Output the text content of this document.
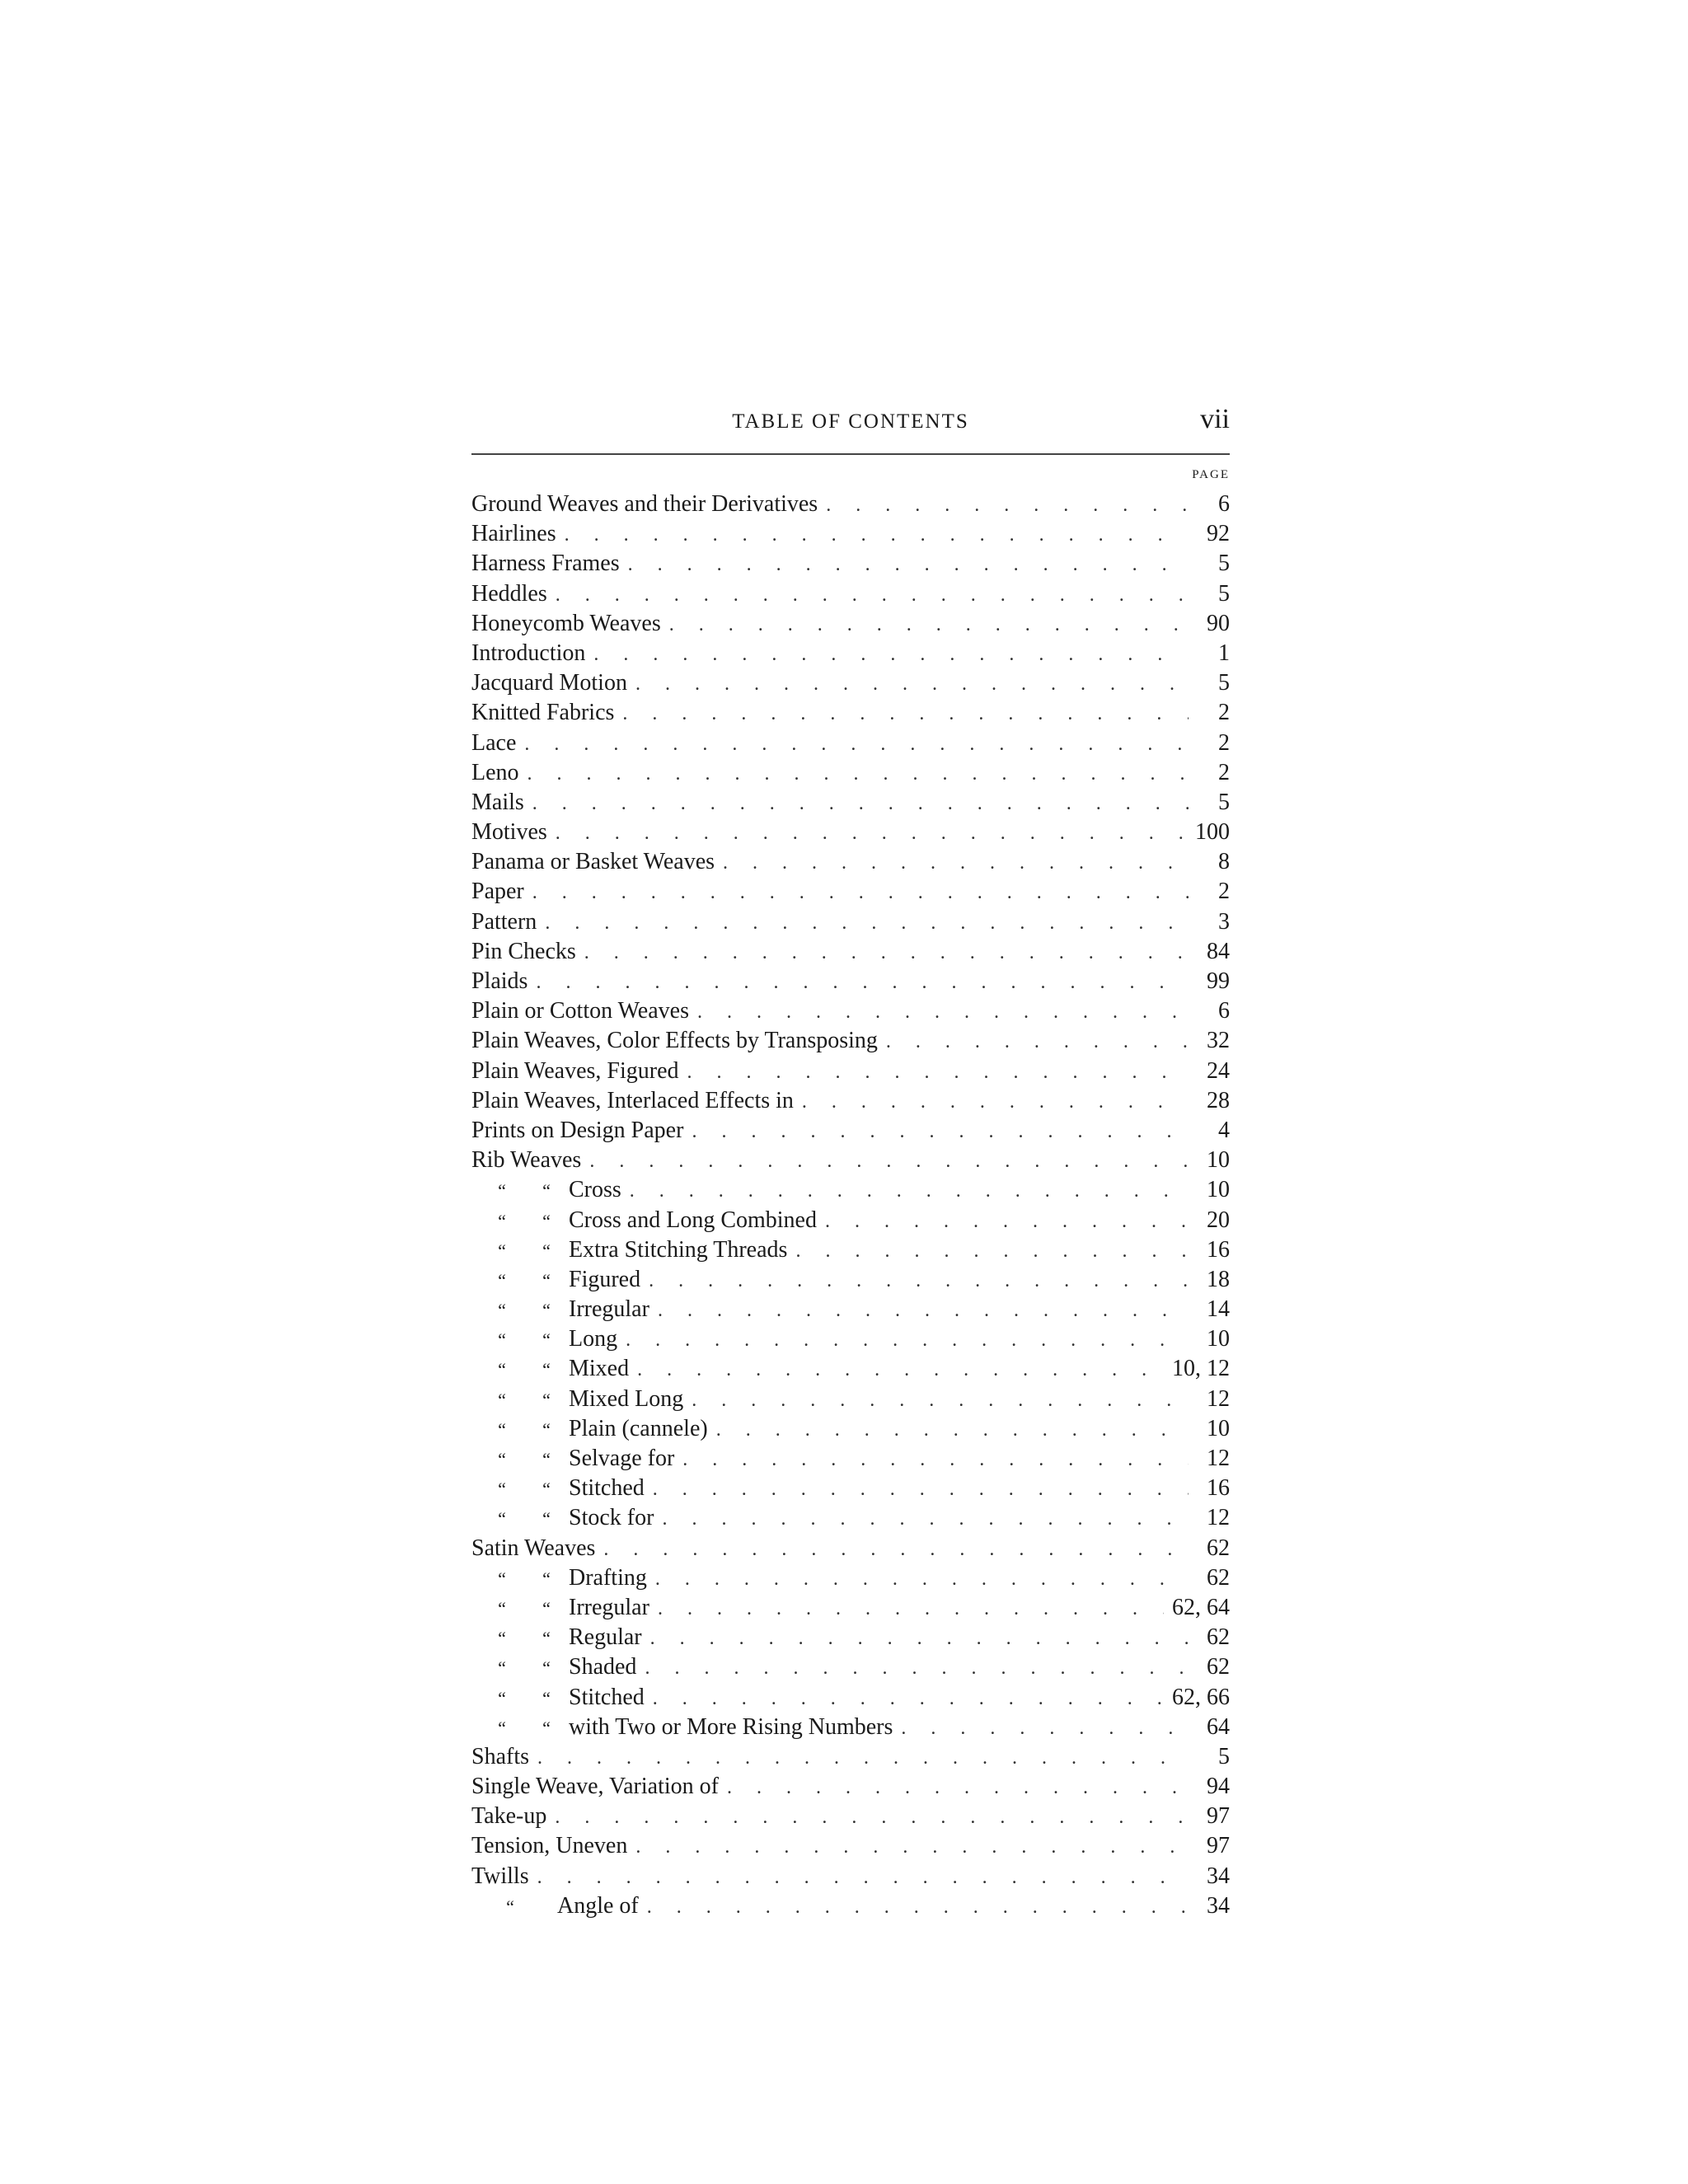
TABLE OF CONTENTS	vii
PAGE
Ground Weaves and their Derivatives . . .	6
Hairlines . . .	92
Harness Frames . . .	5
Heddles . . .	5
Honeycomb Weaves . . .	90
Introduction . . .	1
Jacquard Motion . . .	5
Knitted Fabrics . . .	2
Lace . . .	2
Leno . . .	2
Mails . . .	5
Motives . . .	100
Panama or Basket Weaves . . .	8
Paper . . .	2
Pattern . . .	3
Pin Checks . . .	84
Plaids . . .	99
Plain or Cotton Weaves . . .	6
Plain Weaves, Color Effects by Transposing . . .	32
Plain Weaves, Figured . . .	24
Plain Weaves, Interlaced Effects in . . .	28
Prints on Design Paper . . .	4
Rib Weaves . . .	10
“	“ Cross . . .	10
“	“ Cross and Long Combined . . .	20
“	“ Extra Stitching Threads . . .	16
“	“ Figured . . .	18
“	“ Irregular . . .	14
“	“ Long . . .	10
“	“ Mixed . . .	10, 12
“	“ Mixed Long . . .	12
“	“ Plain (cannele) . . .	10
“	“ Selvage for . . .	12
“	“ Stitched . . .	16
“	“ Stock for . . .	12
Satin Weaves . . .	62
“	“ Drafting . . .	62
“	“ Irregular . . .	62, 64
“	“ Regular . . .	62
“	“ Shaded . . .	62
“	“ Stitched . . .	62, 66
“	“ with Two or More Rising Numbers . . .	64
Shafts . . .	5
Single Weave, Variation of . . .	94
Take-up . . .	97
Tension, Uneven . . .	97
Twills . . .	34
“	Angle of . . .	34
